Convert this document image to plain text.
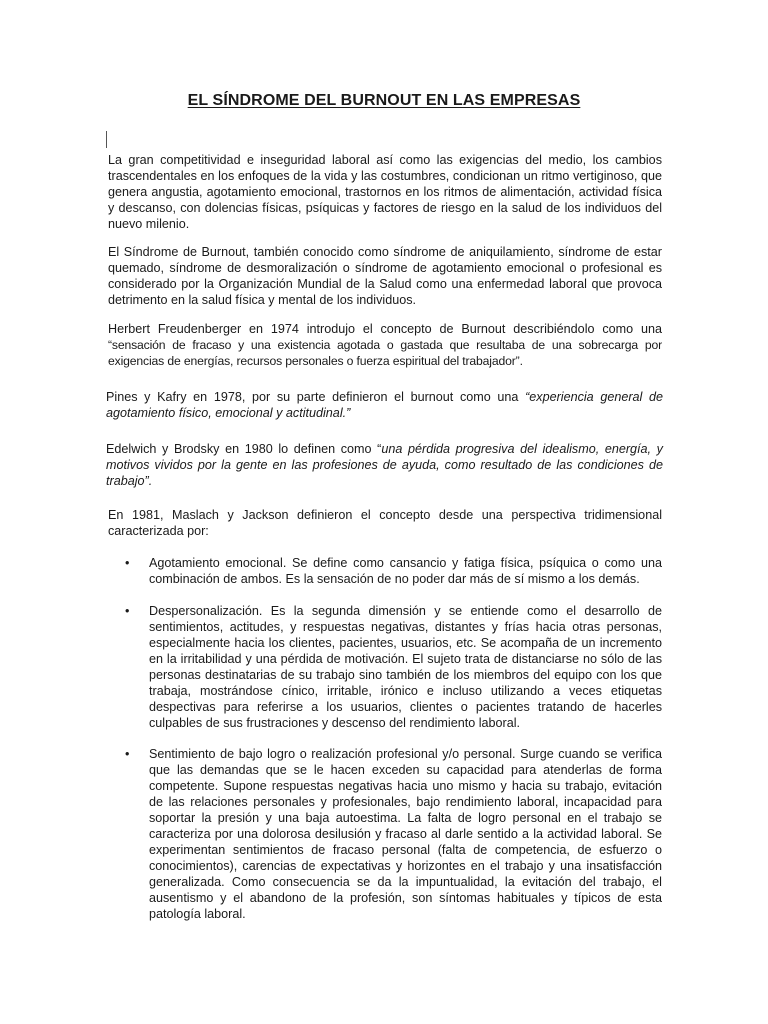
EL SÍNDROME DEL BURNOUT EN LAS EMPRESAS

La gran competitividad e inseguridad laboral así como las exigencias del medio, los cambios trascendentales en los enfoques de la vida y las costumbres, condicionan un ritmo vertiginoso, que genera angustia, agotamiento emocional, trastornos en los ritmos de alimentación, actividad física y descanso, con dolencias físicas, psíquicas y factores de riesgo en la salud de los individuos del nuevo milenio.

El Síndrome de Burnout, también conocido como síndrome de aniquilamiento, síndrome de estar quemado, síndrome de desmoralización o síndrome de agotamiento emocional o profesional es considerado por la Organización Mundial de la Salud como una enfermedad laboral que provoca detrimento en la salud física y mental de los individuos.

Herbert Freudenberger en 1974 introdujo el concepto de Burnout describiéndolo como una “sensación de fracaso y una existencia agotada o gastada que resultaba de una sobrecarga por exigencias de energías, recursos personales o fuerza espiritual del trabajador”.

Pines y Kafry en 1978, por su parte definieron el burnout como una “experiencia general de agotamiento físico, emocional y actitudinal.”

Edelwich y Brodsky en 1980 lo definen como “una pérdida progresiva del idealismo, energía, y motivos vividos por la gente en las profesiones de ayuda, como resultado de las condiciones de trabajo”.

En 1981, Maslach y Jackson definieron el concepto desde una perspectiva tridimensional caracterizada por:

• Agotamiento emocional. Se define como cansancio y fatiga física, psíquica o como una combinación de ambos. Es la sensación de no poder dar más de sí mismo a los demás.

• Despersonalización. Es la segunda dimensión y se entiende como el desarrollo de sentimientos, actitudes, y respuestas negativas, distantes y frías hacia otras personas, especialmente hacia los clientes, pacientes, usuarios, etc. Se acompaña de un incremento en la irritabilidad y una pérdida de motivación. El sujeto trata de distanciarse no sólo de las personas destinatarias de su trabajo sino también de los miembros del equipo con los que trabaja, mostrándose cínico, irritable, irónico e incluso utilizando a veces etiquetas despectivas para referirse a los usuarios, clientes o pacientes tratando de hacerles culpables de sus frustraciones y descenso del rendimiento laboral.

• Sentimiento de bajo logro o realización profesional y/o personal. Surge cuando se verifica que las demandas que se le hacen exceden su capacidad para atenderlas de forma competente. Supone respuestas negativas hacia uno mismo y hacia su trabajo, evitación de las relaciones personales y profesionales, bajo rendimiento laboral, incapacidad para soportar la presión y una baja autoestima. La falta de logro personal en el trabajo se caracteriza por una dolorosa desilusión y fracaso al darle sentido a la actividad laboral. Se experimentan sentimientos de fracaso personal (falta de competencia, de esfuerzo o conocimientos), carencias de expectativas y horizontes en el trabajo y una insatisfacción generalizada. Como consecuencia se da la impuntualidad, la evitación del trabajo, el ausentismo y el abandono de la profesión, son síntomas habituales y típicos de esta patología laboral.
